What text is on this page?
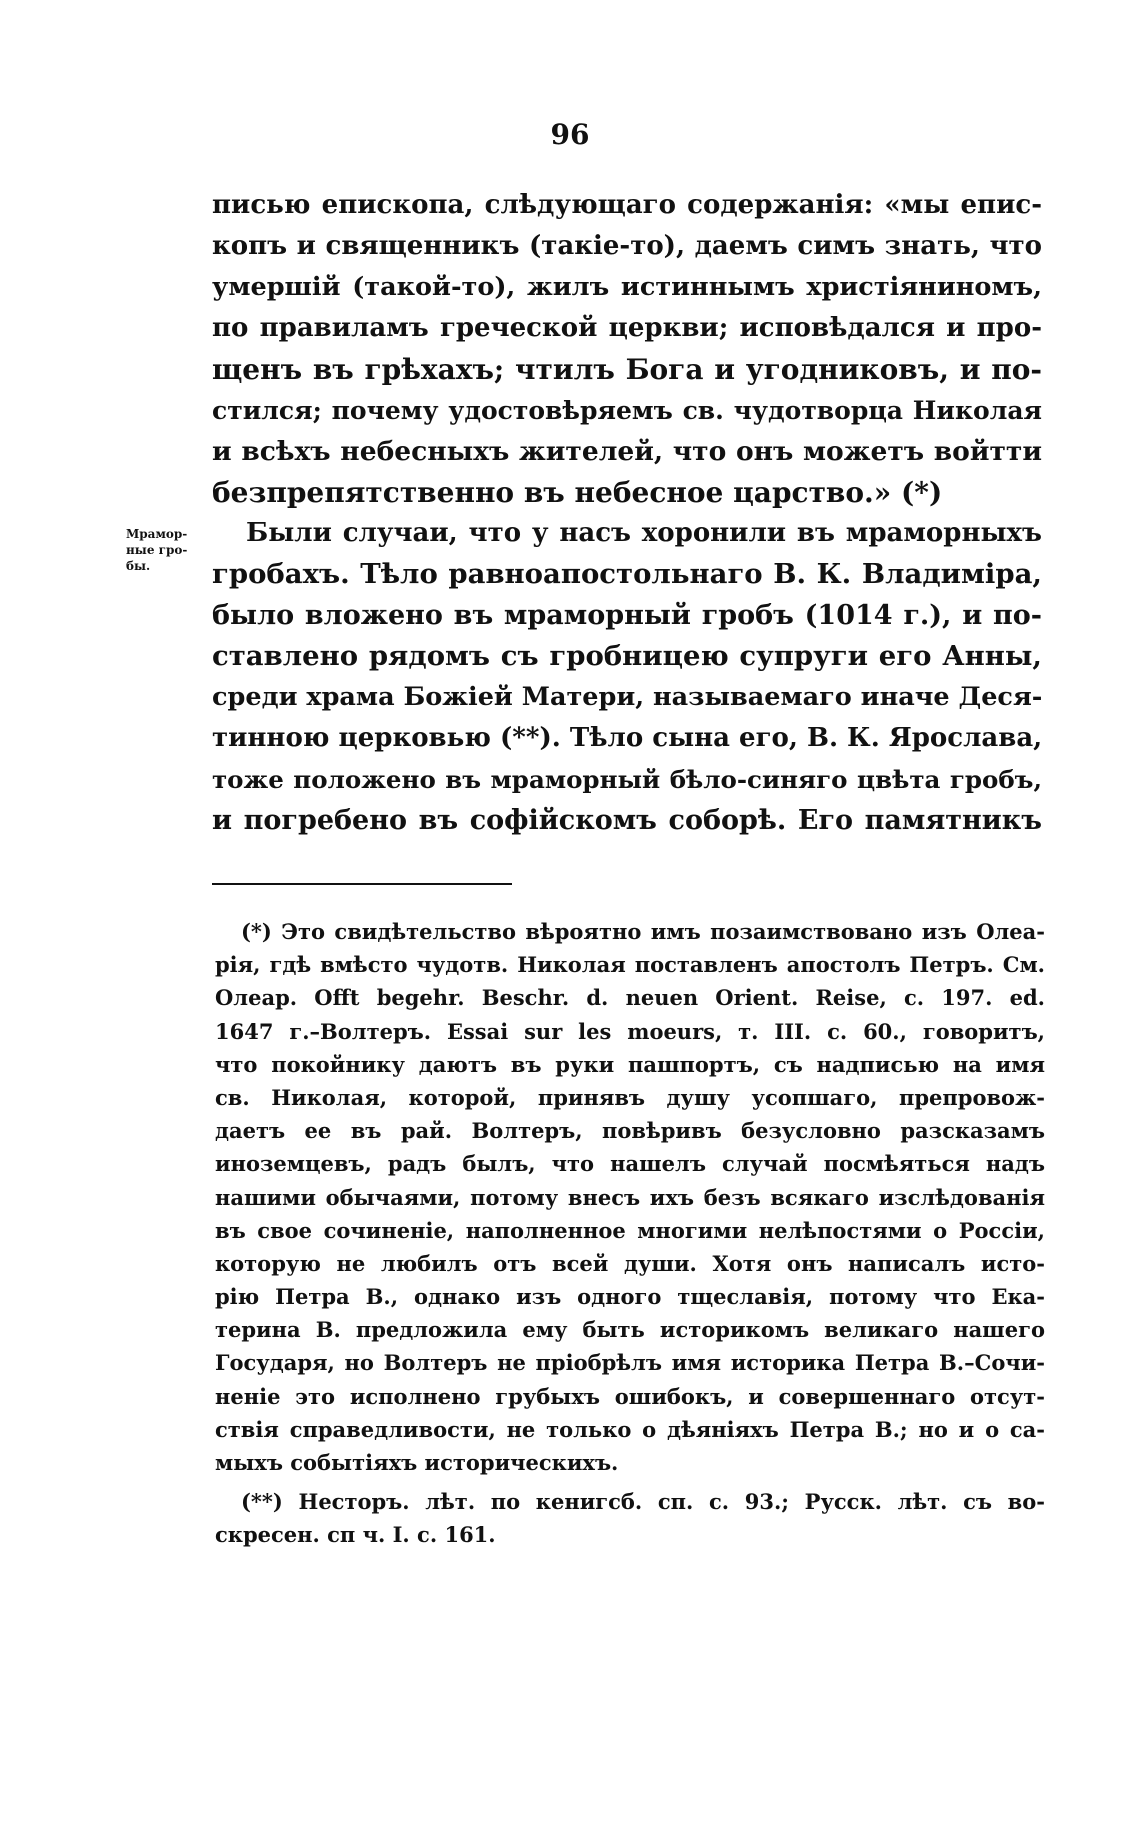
96
Мрамор-
ные гро-
бы.
писью епископа, слѣдующаго содержанія: «мы епис-
копъ и священникъ (такіе-то), даемъ симъ знать, что
умершій (такой-то), жилъ истиннымъ христіяниномъ,
по правиламъ греческой церкви; исповѣдался и про-
щенъ въ грѣхахъ; чтилъ Бога и угодниковъ, и по-
стился; почему удостовѣряемъ св. чудотворца Николая
и всѣхъ небесныхъ жителей, что онъ можетъ войтти
безпрепятственно въ небесное царство.» (*)
Были случаи, что у насъ хоронили въ мраморныхъ
гробахъ. Тѣло равноапостольнаго В. К. Владиміра,
было вложено въ мраморный гробъ (1014 г.), и по-
ставлено рядомъ съ гробницею супруги его Анны,
среди храма Божіей Матери, называемаго иначе Деся-
тинною церковью (**). Тѣло сына его, В. К. Ярослава,
тоже положено въ мраморный бѣло-синяго цвѣта гробъ,
и погребено въ софійскомъ соборѣ. Его памятникъ
(*) Это свидѣтельство вѣроятно имъ позаимствовано изъ Олеа-
рія, гдѣ вмѣсто чудотв. Николая поставленъ апостолъ Петръ. См.
Олеар. Offt begehr. Beschr. d. neuen Orient. Reise, с. 197. ed.
1647 г.–Волтеръ. Essai sur les moeurs, т. III. с. 60., говоритъ,
что покойнику даютъ въ руки пашпортъ, съ надписью на имя
св. Николая, которой, принявъ душу усопшаго, препровож-
даетъ ее въ рай. Волтеръ, повѣривъ безусловно разсказамъ
иноземцевъ, радъ былъ, что нашелъ случай посмѣяться надъ
нашими обычаями, потому внесъ ихъ безъ всякаго изслѣдованія
въ свое сочиненіе, наполненное многими нелѣпостями о Россіи,
которую не любилъ отъ всей души. Хотя онъ написалъ исто-
рію Петра В., однако изъ одного тщеславія, потому что Ека-
терина В. предложила ему быть историкомъ великаго нашего
Государя, но Волтеръ не пріобрѣлъ имя историка Петра В.–Сочи-
неніе это исполнено грубыхъ ошибокъ, и совершеннаго отсут-
ствія справедливости, не только о дѣяніяхъ Петра В.; но и о са-
мыхъ событіяхъ историческихъ.
(**) Несторъ. лѣт. по кенигсб. сп. с. 93.; Русск. лѣт. съ во-
скресен. сп ч. I. с. 161.
